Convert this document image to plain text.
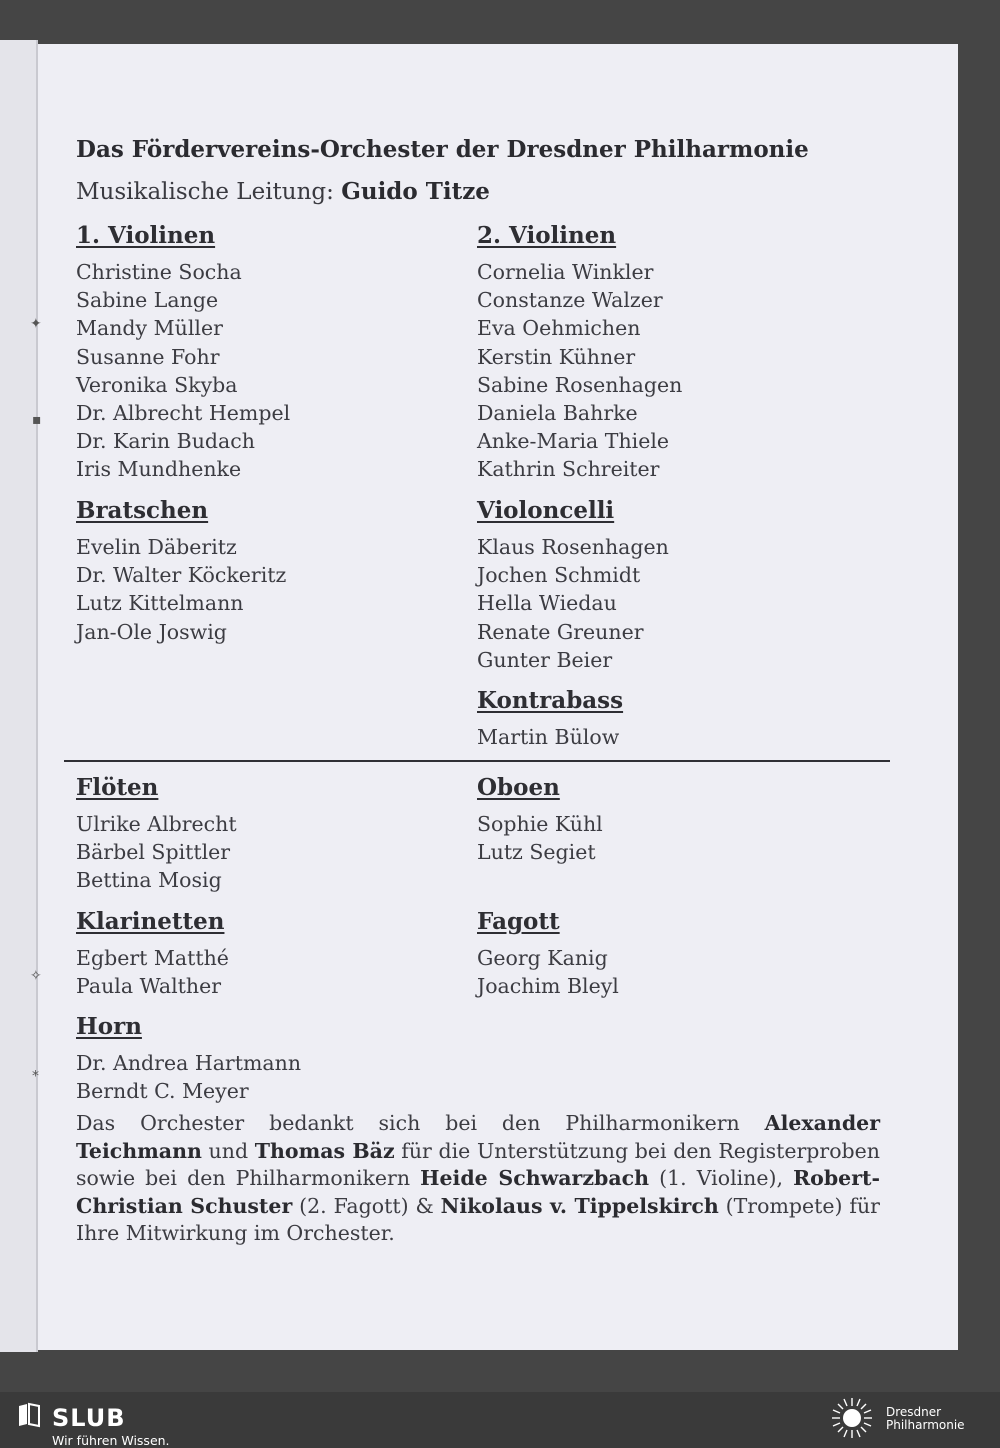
✦
▪
✧
⁎
Das Fördervereins-Orchester der Dresdner Philharmonie
Musikalische Leitung: Guido Titze
1. Violinen
Christine Socha
Sabine Lange
Mandy Müller
Susanne Fohr
Veronika Skyba
Dr. Albrecht Hempel
Dr. Karin Budach
Iris Mundhenke
2. Violinen
Cornelia Winkler
Constanze Walzer
Eva Oehmichen
Kerstin Kühner
Sabine Rosenhagen
Daniela Bahrke
Anke-Maria Thiele
Kathrin Schreiter
Bratschen
Evelin Däberitz
Dr. Walter Köckeritz
Lutz Kittelmann
Jan-Ole Joswig
Violoncelli
Klaus Rosenhagen
Jochen Schmidt
Hella Wiedau
Renate Greuner
Gunter Beier
Kontrabass
Martin Bülow
Flöten
Ulrike Albrecht
Bärbel Spittler
Bettina Mosig
Oboen
Sophie Kühl
Lutz Segiet
Klarinetten
Egbert Matthé
Paula Walther
Fagott
Georg Kanig
Joachim Bleyl
Horn
Dr. Andrea Hartmann
Berndt C. Meyer
Das Orchester bedankt sich bei den Philharmonikern Alexander Teichmann und Thomas Bäz für die Unterstützung bei den Registerproben sowie bei den Philharmonikern Heide Schwarzbach (1. Violine), Robert-Christian Schuster (2. Fagott) & Nikolaus v. Tippelskirch (Trompete) für Ihre Mitwirkung im Orchester.
SLUB
Wir führen Wissen.
Dresdner
Philharmonie
